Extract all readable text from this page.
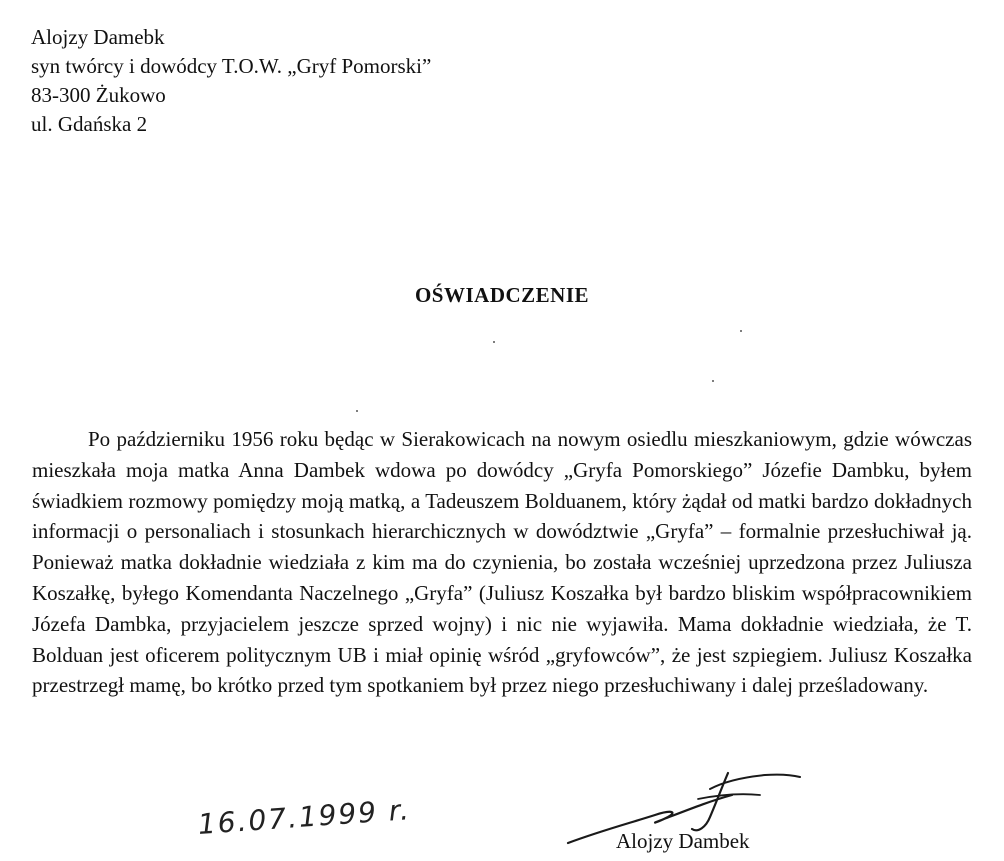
Alojzy Damebk
syn twórcy i dowódcy T.O.W. „Gryf Pomorski”
83-300 Żukowo
ul. Gdańska 2
OŚWIADCZENIE

Po październiku 1956 roku będąc w Sierakowicach na nowym osiedlu mieszkaniowym, gdzie wówczas mieszkała moja matka Anna Dambek wdowa po dowódcy „Gryfa Pomorskiego” Józefie Dambku, byłem świadkiem rozmowy pomiędzy moją matką, a Tadeuszem Bolduanem, który żądał od matki bardzo dokładnych informacji o personaliach i stosunkach hierarchicznych w dowództwie „Gryfa” – formalnie przesłuchiwał ją. Ponieważ matka dokładnie wiedziała z kim ma do czynienia, bo została wcześniej uprzedzona przez Juliusza Koszałkę, byłego Komendanta Naczelnego „Gryfa” (Juliusz Koszałka był bardzo bliskim współpracownikiem Józefa Dambka, przyjacielem jeszcze sprzed wojny) i nic nie wyjawiła. Mama dokładnie wiedziała, że T. Bolduan jest oficerem politycznym UB i miał opinię wśród „gryfowców”, że jest szpiegiem. Juliusz Koszałka przestrzegł mamę, bo krótko przed tym spotkaniem był przez niego przesłuchiwany i dalej prześladowany.

16.07.1999 r.
Alojzy Dambek
